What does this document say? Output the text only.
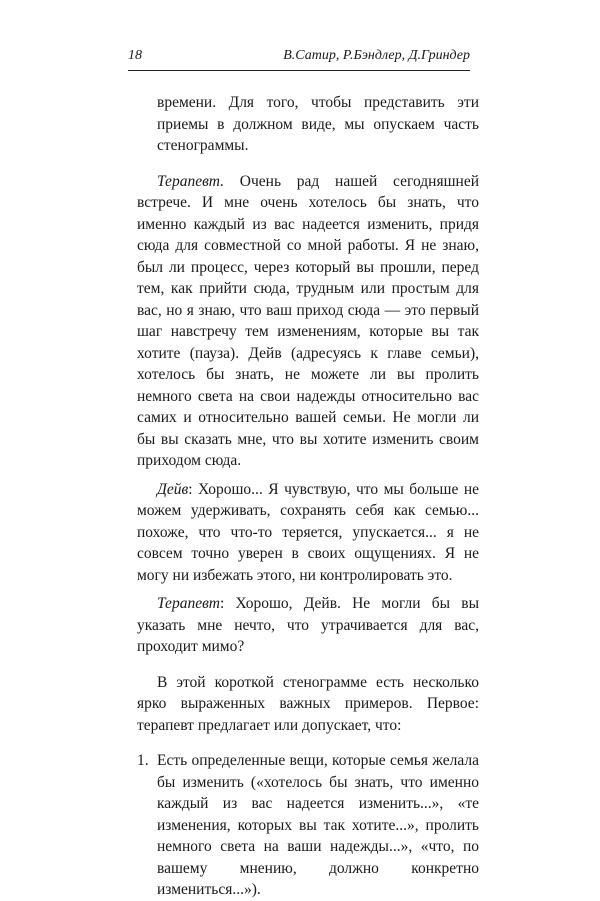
18	В.Сатир, Р.Бэндлер, Д.Гриндер

времени. Для того, чтобы представить эти приемы в должном виде, мы опускаем часть стенограммы.

Терапевт. Очень рад нашей сегодняшней встрече. И мне очень хотелось бы знать, что именно каждый из вас надеется изменить, придя сюда для совместной со мной работы. Я не знаю, был ли процесс, через который вы прошли, перед тем, как прийти сюда, трудным или простым для вас, но я знаю, что ваш приход сюда — это первый шаг навстречу тем изменениям, которые вы так хотите (пауза). Дейв (адресуясь к главе семьи), хотелось бы знать, не можете ли вы пролить немного света на свои надежды относительно вас самих и относительно вашей семьи. Не могли ли бы вы сказать мне, что вы хотите изменить своим приходом сюда.

Дейв: Хорошо... Я чувствую, что мы больше не можем удерживать, сохранять себя как семью... похоже, что что-то теряется, упускается... я не совсем точно уверен в своих ощущениях. Я не могу ни избежать этого, ни контролировать это.

Терапевт: Хорошо, Дейв. Не могли бы вы указать мне нечто, что утрачивается для вас, проходит мимо?

В этой короткой стенограмме есть несколько ярко выраженных важных примеров. Первое: терапевт предлагает или допускает, что:

1. Есть определенные вещи, которые семья желала бы изменить («хотелось бы знать, что именно каждый из вас надеется изменить...», «те изменения, которых вы так хотите...», пролить немного света на ваши надежды...», «что, по вашему мнению, должно конкретно измениться...»).
